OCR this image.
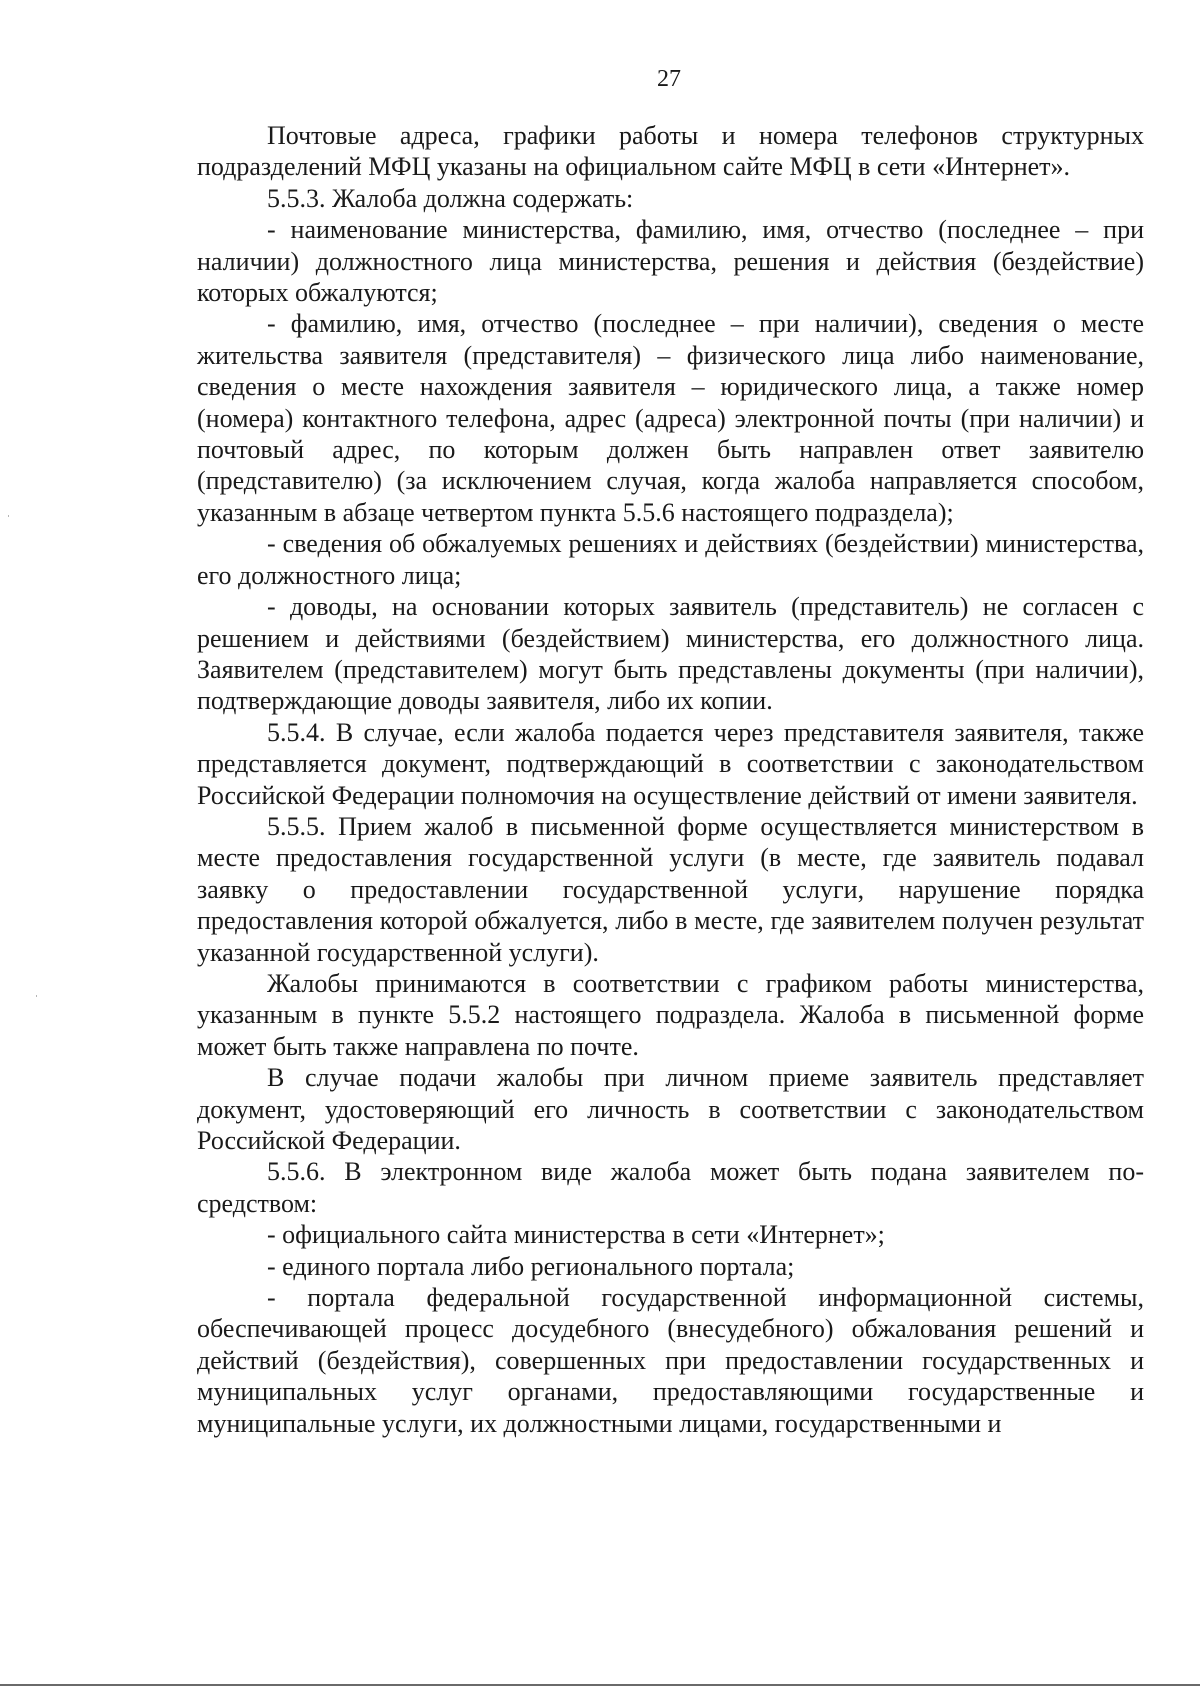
27

Почтовые адреса, графики работы и номера телефонов структурных подразделений МФЦ указаны на официальном сайте МФЦ в сети «Интернет».

5.5.3. Жалоба должна содержать:

- наименование министерства, фамилию, имя, отчество (последнее – при наличии) должностного лица министерства, решения и действия (бездействие) которых обжалуются;

- фамилию, имя, отчество (последнее – при наличии), сведения о месте жительства заявителя (представителя) – физического лица либо наименование, сведения о месте нахождения заявителя – юридического лица, а также номер (номера) контактного телефона, адрес (адреса) электронной почты (при наличии) и почтовый адрес, по которым должен быть направлен ответ заявителю (представителю) (за исключением случая, когда жалоба направляется способом, указанным в абзаце четвертом пункта 5.5.6 настоящего подраздела);

- сведения об обжалуемых решениях и действиях (бездействии) министерства, его должностного лица;

- доводы, на основании которых заявитель (представитель) не согласен с решением и действиями (бездействием) министерства, его должностного лица. Заявителем (представителем) могут быть представлены документы (при наличии), подтверждающие доводы заявителя, либо их копии.

5.5.4. В случае, если жалоба подается через представителя заявителя, также представляется документ, подтверждающий в соответствии с законодательством Российской Федерации полномочия на осуществление действий от имени заявителя.

5.5.5. Прием жалоб в письменной форме осуществляется министерством в месте предоставления государственной услуги (в месте, где заявитель подавал заявку о предоставлении государственной услуги, нарушение порядка предоставления которой обжалуется, либо в месте, где заявителем получен результат указанной государственной услуги).

Жалобы принимаются в соответствии с графиком работы министерства, указанным в пункте 5.5.2 настоящего подраздела. Жалоба в письменной форме может быть также направлена по почте.

В случае подачи жалобы при личном приеме заявитель представляет документ, удостоверяющий его личность в соответствии с законодательством Российской Федерации.

5.5.6. В электронном виде жалоба может быть подана заявителем посредством:

- официального сайта министерства в сети «Интернет»;

- единого портала либо регионального портала;

- портала федеральной государственной информационной системы, обеспечивающей процесс досудебного (внесудебного) обжалования решений и действий (бездействия), совершенных при предоставлении государственных и муниципальных услуг органами, предоставляющими государственные и муниципальные услуги, их должностными лицами, государственными и
